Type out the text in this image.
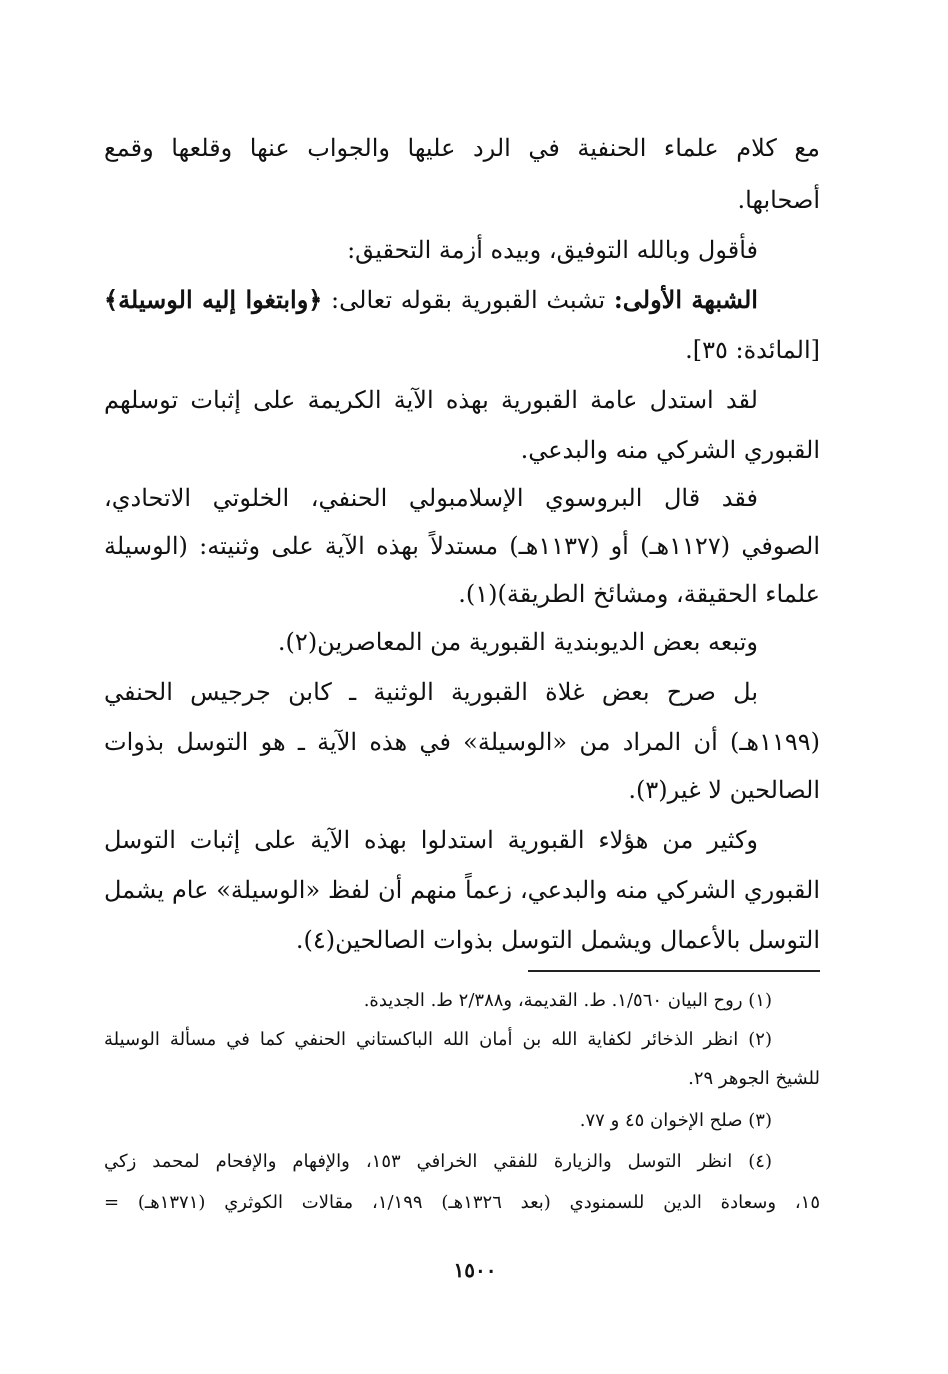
مع كلام علماء الحنفية في الرد عليها والجواب عنها وقلعها وقمع
أصحابها.
فأقول وبالله التوفيق، وبيده أزمة التحقيق:
الشبهة الأولى: تشبث القبورية بقوله تعالى: ﴿وابتغوا إليه الوسيلة﴾
[المائدة: ٣٥].
لقد استدل عامة القبورية بهذه الآية الكريمة على إثبات توسلهم
القبوري الشركي منه والبدعي.
فقد قال البروسوي الإسلامبولي الحنفي، الخلوتي الاتحادي،
الصوفي (١١٢٧هـ) أو (١١٣٧هـ) مستدلاً بهذه الآية على وثنيته: (الوسيلة
علماء الحقيقة، ومشائخ الطريقة)(١).
وتبعه بعض الديوبندية القبورية من المعاصرين(٢).
بل صرح بعض غلاة القبورية الوثنية ـ كابن جرجيس الحنفي
(١١٩٩هـ) أن المراد من «الوسيلة» في هذه الآية ـ هو التوسل بذوات
الصالحين لا غير(٣).
وكثير من هؤلاء القبورية استدلوا بهذه الآية على إثبات التوسل
القبوري الشركي منه والبدعي، زعماً منهم أن لفظ «الوسيلة» عام يشمل
التوسل بالأعمال ويشمل التوسل بذوات الصالحين(٤).
(١) روح البيان ١/٥٦٠. ط. القديمة، و٢/٣٨٨ ط. الجديدة.
(٢) انظر الذخائر لكفاية الله بن أمان الله الباكستاني الحنفي كما في مسألة الوسيلة
للشيخ الجوهر ٢٩.
(٣) صلح الإخوان ٤٥ و ٧٧.
(٤) انظر التوسل والزيارة للفقي الخرافي ١٥٣، والإفهام والإفحام لمحمد زكي
١٥، وسعادة الدين للسمنودي (بعد ١٣٢٦هـ) ١/١٩٩، مقالات الكوثري (١٣٧١هـ) =
١٥٠٠
